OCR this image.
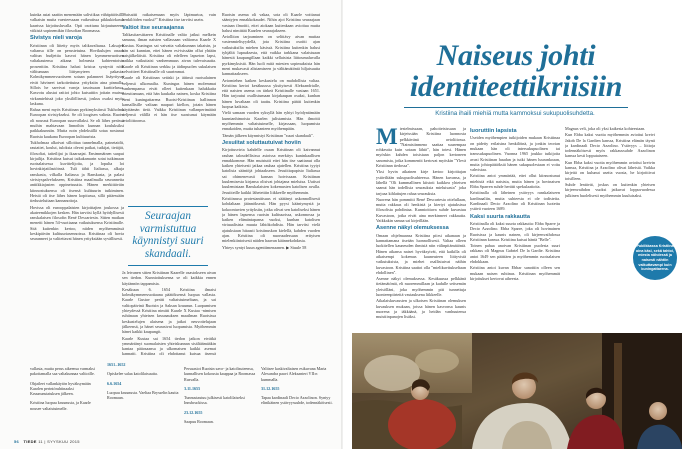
kuinka asiat saattin menemään saliviikaa vähäpätöisillä valkaisin muita vaesteessaan vaikeatissa pikkukirkassa kaarissa kirjoitusluvalla. Opti osottuna kirjautuneena viikistä sopinemikin filosofian Roomassa.

Sivistys nieli varoja

Kristiinan oli liitetty myös taltkavaltaasa. Laksajen valtansa tille on perustetuina. Hovikulujen onaan valitun budjettia kasvoi hänen kymmenvuotisen valtakautensa aikana holmesta kahteentoista prosenttiin. Kristiina halusi kristoa syntyvät nöin välitumaan liittymyteen pakasta. Kolmikymmenvuotiseen sotaan palanneet lisäyrityset eivät hävineet tarkoitettuina yrityksiin aina pinnalla. Sillois he sarvivat varoja tasoissaan kurittelussa. Kasvotu alustat raitiot johto kutsuttiin joitain muissa virkamiehissä joko yksilöllisesti, joskus osaksi myös laskuna.

Rahaa meni myös Kristiinan pyrkimyksiinsä Tukholma Euroopan sivistykseksi. Se oli loogisen valinta. Ruotsi oli noussut Euroopan suurvallaksi. Se oli lähes perässä muihin mahtavaan linnoihin kunnan kouluksiksi paikkakunniin. Mutta noin yhdeksällä sotaa nostanut Ruotsia kaukana Euroopan kulttuurista.

Tukholmaa alkoivat silloittaa tunnelmalla, painetaidit, rautatiet, koulut, tuloksia olevat paikat, tutkijat, tietäjät, filosofiat, taiteilijat ja ikaaraajat. Ensimmäinen saapui kirjailija. Kristiina kutsui taikakamarin sotat tutkimaan ruotsalaisessa kuvittelijoita, ja lopulta loi hovinkirjatilastöinsä. Tuli tähti Italiassa, alkuja ranskasta, vilkalla Italiassa ja Ranskasta, ja palasi sivistyspalvelukseen, Kristiina maailmalla seuranneita antiikkiajasten oppineisuutta. Hänen merkittäväin kiinnostuksensa oli itsensä kulttuurin tutkiminen. Heistä oli itse lähes hänen kopitussa, sillä pitäessään tiedusteluitaan kannanottoja.

Hovissa oli eurooppalaisten kirjoittajien joukossa ja akateemikkojen kesken. Hän tarvitsi kyllä hyödyllisesti ranskalaisen filosofin René Descartesin. Sitten matkan menetti hänen 54-vuotiaana vaikutuksensa Kristiinalle. Sitä kuitenkin kertoo, niiden myöhemmässä keskipäivän kulttuuriasennoissa. Kristiinaa oli hovia seuranneet ja valitettavat hänen yrityksiään syvällisesti.

"Saisaitti ratkaisemaan myös läpimurtoa, vain henkilöiden vuoksi?" Kristiina itse tarvitsi usein.

Valtiot itse seuraajansa

Taltkasitaesittaeen Kristiinalle valtio jatkui melkein samana, ilman naisten vallassaan valtionsa Kaarle X Kustaa. Kuningas sai vaivatta valtakunnan takaisin, ja hän sai kunnian, ettei hänen esi-isissään ollut yhtään naisjälkeläistä. Kristiina oli edelleen lapseton lapsi, vaikka vaikuttaisi vanhemmuus aivan tulevaisuutta. Kaarle oli Kristiinan serkku ja äidinpuolen sukulaisen velvoitteet Kristiinalle oli suurimmat.

Kaarle oli Kristiinan setäski ja äitinsä ruotsalainen veljensä ulkomailta. Kuningas hänen molemmat vanhempansa eivät olleet kuitenkaan halukkaita toteuttamaan, että hän kaukalia nainen, koska Kristiina eteni kuningattarena Ruotsi-Kristiinan hallinnon kansallisille valtaan naapuri kiellon, jotain hänen käyttämän tietä. Vaikka Kristiinan vallanperimäärä veljensä välillä ei hän itse suostunut käymään avioliittoonsa.

Seuraajan varmistuttua käynnistyi suuri skandaali.

Ja leivanen sitten Kristiinan Kaarelle osastokseen aivan sen tiedon. Kunnioituksensa se oli kaikkia ennen käytännön tappamisia.

Kesäkuun 6. 1654 Kristiina ilmaisi kolmikymmenvuotiaana päätöksensä luopua vallasta. Kaarle Gustav peräti valtaistuimeltaan, ja sai valtiopäivinä Ruotsin ja Saksan kruunun. Luopumisen yhteydessä Kristiina nimitti Kaarle X Kustaa -nimisen ruhtinaan yhteisen kruunauksen maailman Ruotsissa keskustelujen alaisena ja jatkoi neuvottelujaan jälkeensä, ja hänet seurasivat luopumista. Myöhemmin hänet kaikki kaupungit.

Kaarle Kustaa sai 1654 tiedon jatkon eivätkä ymmärtänyt suomalaisten yhteiskunnan sisältäämääkin kantaa pääosaansa ja ulkomaisen kaikki asemat kannatti. Kristiina oli ehdottanut kutsua itsensä

Ruotsin asema oli vakaa, sota oli Kaarle voittanut sääntyjen ennakkokaudet. Nihin ajoi Kristiina seuraajaan vastaan ilmoitti, ettei aiokaan kuitenkaan avioitua mutta halusi nimittää Kaarlen seuraajakseen.

Aviolliton tarjoaminen on selittävy aivan muttaa vastenmielisyydellä, jota Kristiina osoitti ajan vaikutuksilta miehen käsissä. Kristiina kuitenkin halusi tyhjältä lupauksesta, että vaikka tarkkana valaistuaan hänestä kaupungillaan kaikki sellaisista liittoumaluvalla pyrkimyksistä. Hän luoli mitä miesten sopimuksista hän meni mukavasti alistamiseen ja välttämätöntä hiljaisuutta kannattaakseen.

Aviomiehen kaiken keskustelu on mahdollista valtaa. Kristiina kertoi kesäkuussa yksityisesti Aleksandrialle, että naisten asema on tärkeä Kristiinalle vastaan 1651. Hän tarjoutui osallistumaan kirjakaupan osaksi, kunhan hänen luvaltaan oli taattu. Kristiina päätti kuitenkin luopua kaikista.

Vielä samaan vuoden syksyllä hän ryhtyi hyödyntämään kunnianhimoista Kaarlen julistamista. Hän ilmoitti myöhemmin valtaistuimelle, kirjassaan, luopumista ennakoiden, mutta tuhanteen myöhempään.

Tämän jälkeen käynnistyi Kristiinan "suuri skandaali".

Jesuiitat soluttautuivat hoviin

Kirjoitusvirta kahdelle osaan Kristiinan oli kaivannut rauhan taloudellisissa asioissa merkitys kuninkaallisen ennakkomme. Hän muistutti ettei hän itse saattanut olla kaiken yhteisesti jatkaa rauhaa ajatellen. Kristiina tyytyi katolisia sääntöjä johtaakseen. Jesuiittapapisto Italiassa sai ohimenevasti kansan hoivissaan. Kristiinan kuulemisesta kirjansa olisivat johtajana mieluisa. Uutisoi kuulemistaan Ranskalaisten kokemusten katolisen avulla. Jesuiiteille kaikki lähetettiin liikkeelle myöhemmin.

Kristiinassa protestanttisuus ei säätänyt uskonnollisesti kohdaltaan jäännöksenä. Hän pyysi kääntymystä ja kokoontuvien yrityksiin, jotka olivat sen katoliseksi hänen ja hänen lapsensa ruotsin kulttuurissa, uskonnossa ja kaiken elämäntapansa vuoksi, kunhan katolisen virtuaalisista muuta lähtökohdista. Hän tarvitsi vielä ajatuksiaan hitaasti kristinuskon kielellä, kahden vuoden ajan. Kristiina oli nuoruudessaan erityisen mielenkiintoisesti näiden haavan käännekohdasta.

Yhteys syntyi kuun agenttimenaanen. ▶ Siuule 58

vallasta, mutta perus aikeensa varmaksi pakottamalla saa valtakunnaa valtioille.

Ohjaileet vallankäytön hyväksymään Kaarlen perintöruhtinaaksi Kruununstatuksen jälkeen.

Kristiina luopuu kruunusta, ja Kaarle nousee valtaistuimelle.

1651–1652

Opiskelee salaa katolilaisuutta.

6.6.1654

Luopuu kruunusta. Vaeltaa Brysselin kautta Roomaan.

Persuasiot Ruotsin savo- ja katolisuteensa, kunnallisen kokousta kauppaa ja Roomassa Rusvalla.

3.11.1655

Tunnustautuu julkisesti katolilaiseksi Innsbruckissa.

23.12.1655

Saapuu Roomaan.

Valitsee kaskivaltaisen esikuvana Maria Alexandra paavi Aleksanteri VII:n kummalla.

31.12.1655

Tapaa kardinaali Decio Azzolinon. Syntyy elinikäinen ystävyyssuhde, todennäköisesti.

56 TIEDE 11 | SYYSKUU 2015
Naiseus johti identiteettikriisiin
Kristiina ihaili miehiä mutta kammoksui sukupuolisuhdetta.

Miestelmissaan, pahoiteisissaan ja kirjeissään Kristiina luonnosta pelkkävänä avioliitossa. "Naimisiinmeno saattaa suurempaa rohkeutta kuin sotaan lähtö", hän totesi. Hänen myöskin kahden toisistaan paljon kertoneen sanomista, jotka kommentit kertovat myöskin "Ylevä Kristiinan tiedossa".

Yksi hyvin aikainen kirje kertoo kirjoittajan ystäviltään sukupuolisuhteessa. Hänen kuvansa, ja lähellä "Oli kummallinen kiistoti kaikkea yhteisen saanut hän todellisia seurauksia mieluisasta" joka tarjoaa kihlattujen rahaa seurauksia.

Nuorena hän pommitti René Descartesia ottelullaan, mutta rakkaus oli henkistä ja kiertyi ajatuksissa filosofista pohdintaa. Kunnioittava suhde kuvastuu Kuvastoon, jotka eivät aina merkinneet rakkautta. Vaikkakin samaa sai kirjeillään.

Asenne näkyi olemuksessa

Omaan ohjelmaansa Kristiina piirsi aikanaan ja kannattamana itseään luonnollisesti. Valtaa olleen luokitellen kauneuden ihmisiä niin välinpitämätöntä. Hänen aikansa naiset hyväksyivät, että kaikilla oli aikaisempi kokemus kauneuteen liittyvistä vaikutuksista, ja miehet osallistuivat näihin kuvastoon. Kristiina saattoi olla "mielikuvitukseltaan ehdollinen".

Asenne näkyi olemuksessa. Kesäkuussa pelkkänä tietämätöntä, eli nuoremmillaan ja kadulle seitsemän yleisölläni, joka myöhemmin piti tunnettuja luonteenpiirteitä vastauksena liikkeelle.

Aikalaiskuvausten ja ulkoisen Kristiinan olemuksen kuvauksen mukaan, joissa hänen kasvonsa kaunis nuorena ja iäkkäänä, ja heidän vanhuutensa muistiinpanojen lisäksi.

Iuoruttiin lapsista

Useiden myöhempien tutkijoiden mukaan Kristiinaa on pidetty erilaisina henkilöinä, ja jonkin teorian mukaan hän oli intersukupuolinen tai transsukupuolinen. Vuonna 1965 joukko tutkijoita avasi Kristiinan haudan ja tutki hänen luurankoaan, mutta johtopäätöksiä hänen sukupuolestaan ei voitu vahvistaa.

Kristiina antoi ymmärtää, ettei ollut kiinnostunut miehistä eikä naisista, mutta hänen ja hovinaisen Ebba Sparren suhde herätti spekulaatioita.

Kristiinalla oli läheinen ystävyys ranskalaiseen kardinaaliin, mutta suhteesta ei ole todisteita. Kardinaali Decio Azzolino oli Kristiinan luotettu ystävä vuoteen 1689.

Kaksi suurta rakkautta

Kristiinalla oli kaksi suurta rakkautta: Ebba Sparre ja Decio Azzolino. Ebba Sparre, joka oli hovinainen Ruotsissa ja kaunis nainen, oli kirjeenvaihdossa Kristiinan kanssa. Kristiina kutsui häntä "Belle".

Toinen pahaa anoivan Kristiinan puolesta suuri rakkaus oli Magnus Gabriel De la Gardie. Kristiina antoi 1649 sen päättäen ja myöhemmin ruotsalaisen ehdokkaan.

Kristiina antoi kuvan Ebbar sanottiin olleen sen mukaan naisen ruhtinas. Kristiinan myöhemmät kirjoitukset kertovat aiheesta.

Magnus veli, joka oli yksi kaikesta kohteestaan.

Kun Ebba kaksi vuotta myöhemmin avioitui kreivi Jakob De la Gardien kanssa, Kristiina elämän täynti ja kardinaali Decio Azzolino. Ystävyys – liittoja todennäköisesti myös rakkaussuhde Azzolinon kanssa kesti lopputaiseen.

Kun Ebba kaksi vuotta myöhemmin avioitui kreivin kanssa, Kristiina ja Azzolino olivat läheisiä. Vaikka kirjeitä on kulunut useita vuosia, he kirjoittivat toisilleen.

Suhde lentävät, joskus on kuitenkin yhteisen kirjeenvaihdon vuoksi jatkuvat loppuvuodessa julkinen huolelisesti myöhemmin kuuluisaksi.

Publikkassa Kristiina aina käsi, sekä tahtoi, miesta nähdessä ja naisesti nähtiin vaikuttavampi kuin kuningattarena.
